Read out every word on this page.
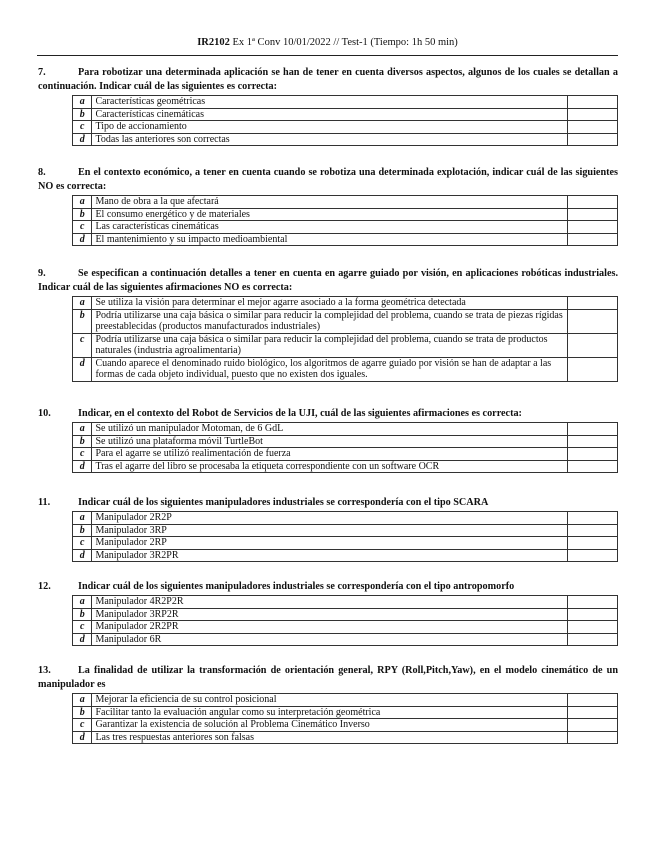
IR2102 Ex 1ª Conv 10/01/2022 // Test-1 (Tiempo: 1h 50 min)

7.	Para robotizar una determinada aplicación se han de tener en cuenta diversos aspectos, algunos de los cuales se detallan a continuación. Indicar cuál de las siguientes es correcta:

a	Características geométricas	
b	Características cinemáticas	
c	Tipo de accionamiento	
d	Todas las anteriores son correctas	

8.	En el contexto económico, a tener en cuenta cuando se robotiza una determinada explotación, indicar cuál de las siguientes NO es correcta:

a	Mano de obra a la que afectará	
b	El consumo energético y de materiales	
c	Las características cinemáticas	
d	El mantenimiento y su impacto medioambiental	

9.	Se especifican a continuación detalles a tener en cuenta en agarre guiado por visión, en aplicaciones robóticas industriales. Indicar cuál de las siguientes afirmaciones NO es correcta:

a	Se utiliza la visión para determinar el mejor agarre asociado a la forma geométrica detectada	
b	Podría utilizarse una caja básica o similar para reducir la complejidad del problema, cuando se trata de piezas rígidas preestablecidas (productos manufacturados industriales)	
c	Podría utilizarse una caja básica o similar para reducir la complejidad del problema, cuando se trata de productos naturales (industria agroalimentaria)	
d	Cuando aparece el denominado ruido biológico, los algoritmos de agarre guiado por visión se han de adaptar a las formas de cada objeto individual, puesto que no existen dos iguales.	

10.	Indicar, en el contexto del Robot de Servicios de la UJI, cuál de las siguientes afirmaciones es correcta:

a	Se utilizó un manipulador Motoman, de 6 GdL	
b	Se utilizó una plataforma móvil TurtleBot	
c	Para el agarre se utilizó realimentación de fuerza	
d	Tras el agarre del libro se procesaba la etiqueta correspondiente con un software OCR	

11.	Indicar cuál de los siguientes manipuladores industriales se correspondería con el tipo SCARA

a	Manipulador 2R2P	
b	Manipulador 3RP	
c	Manipulador 2RP	
d	Manipulador 3R2PR	

12.	Indicar cuál de los siguientes manipuladores industriales se correspondería con el tipo antropomorfo

a	Manipulador 4R2P2R	
b	Manipulador 3RP2R	
c	Manipulador 2R2PR	
d	Manipulador 6R	

13.	La finalidad de utilizar la transformación de orientación general, RPY (Roll,Pitch,Yaw), en el modelo cinemático de un manipulador es

a	Mejorar la eficiencia de su control posicional	
b	Facilitar tanto la evaluación angular como su interpretación geométrica	
c	Garantizar la existencia de solución al Problema Cinemático Inverso	
d	Las tres respuestas anteriores son falsas	
